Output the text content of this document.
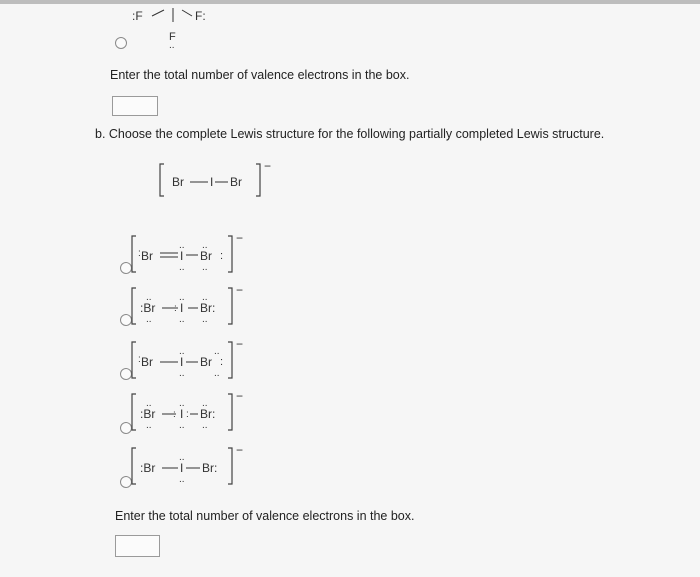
:F	F:
F
..
Enter the total number of valence electrons in the box.
b. Choose the complete Lewis structure for the following partially completed Lewis structure.
Br I Br
−
Br
:	I
..
..
Br
..
..
:
−
:Br
..
..
I
..
..
: Br:
..
..
−
Br
:	I
..
..
Br
..
..
:
−
:Br
..
..
I
..
..
: : Br:
..
..
−
:Br I
..
..
Br:
−
Enter the total number of valence electrons in the box.
